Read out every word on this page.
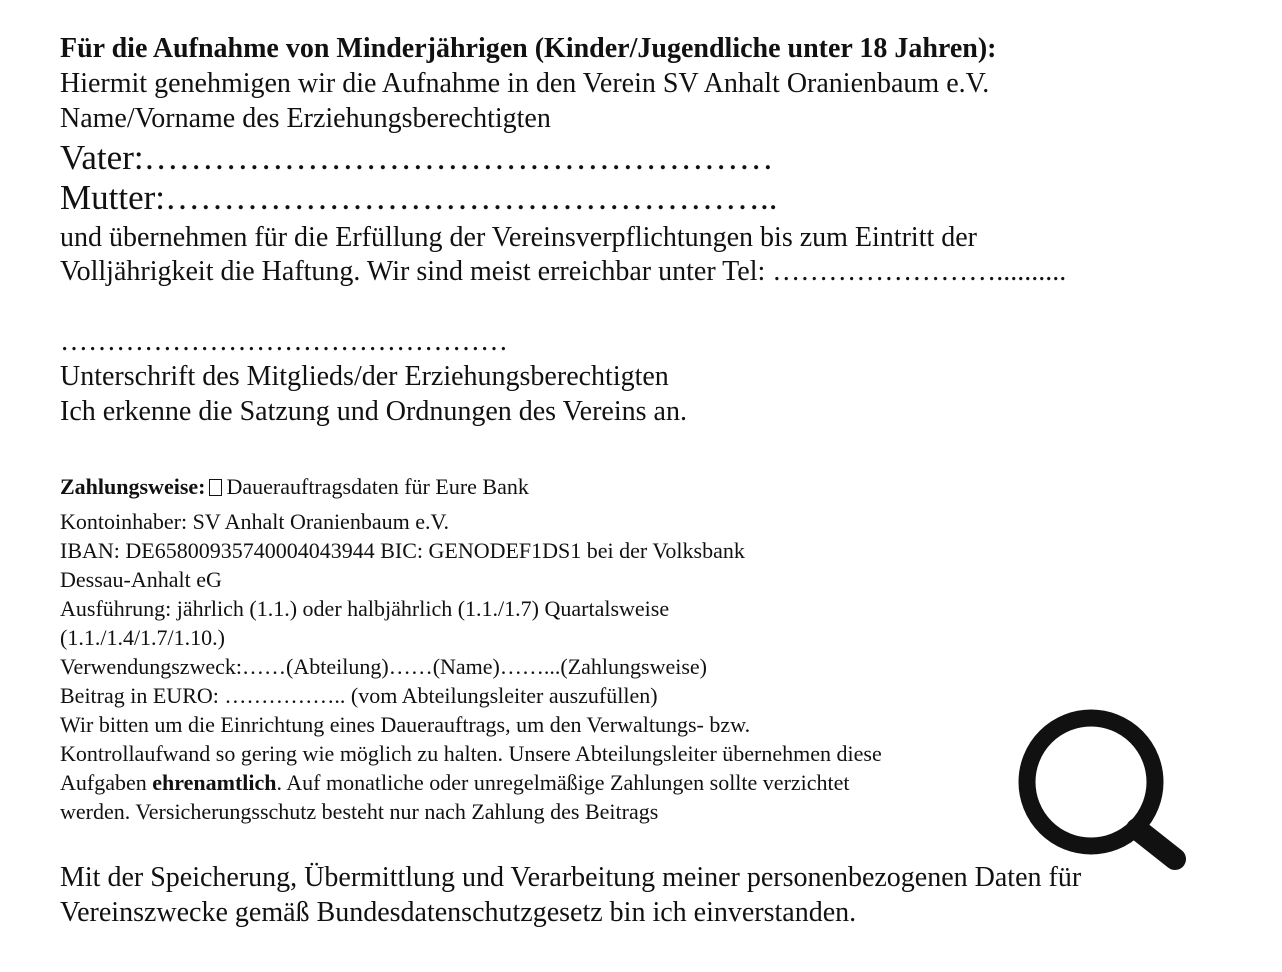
Für die Aufnahme von Minderjährigen (Kinder/Jugendliche unter 18 Jahren):

Hiermit genehmigen wir die Aufnahme in den Verein SV Anhalt Oranienbaum e.V.

Name/Vorname des Erziehungsberechtigten

Vater:………………………………………………

Mutter:……………………………………………..

und übernehmen für die Erfüllung der Vereinsverpflichtungen bis zum Eintritt der

Volljährigkeit die Haftung. Wir sind meist erreichbar unter Tel: ……………………..........

…………………………………………

Unterschrift des Mitglieds/der Erziehungsberechtigten

Ich erkenne die Satzung und Ordnungen des Vereins an.

Zahlungsweise: Dauerauftragsdaten für Eure Bank

Kontoinhaber: SV Anhalt Oranienbaum e.V.

IBAN: DE65800935740004043944 BIC: GENODEF1DS1 bei der Volksbank

Dessau-Anhalt eG

Ausführung: jährlich (1.1.) oder halbjährlich (1.1./1.7) Quartalsweise

(1.1./1.4/1.7/1.10.)

Verwendungszweck:……(Abteilung)……(Name)……...(Zahlungsweise)

Beitrag in EURO: …………….. (vom Abteilungsleiter auszufüllen)

Wir bitten um die Einrichtung eines Dauerauftrags, um den Verwaltungs- bzw.

Kontrollaufwand so gering wie möglich zu halten. Unsere Abteilungsleiter übernehmen diese

Aufgaben ehrenamtlich. Auf monatliche oder unregelmäßige Zahlungen sollte verzichtet

werden. Versicherungsschutz besteht nur nach Zahlung des Beitrags

Mit der Speicherung, Übermittlung und Verarbeitung meiner personenbezogenen Daten für

Vereinszwecke gemäß Bundesdatenschutzgesetz bin ich einverstanden.
